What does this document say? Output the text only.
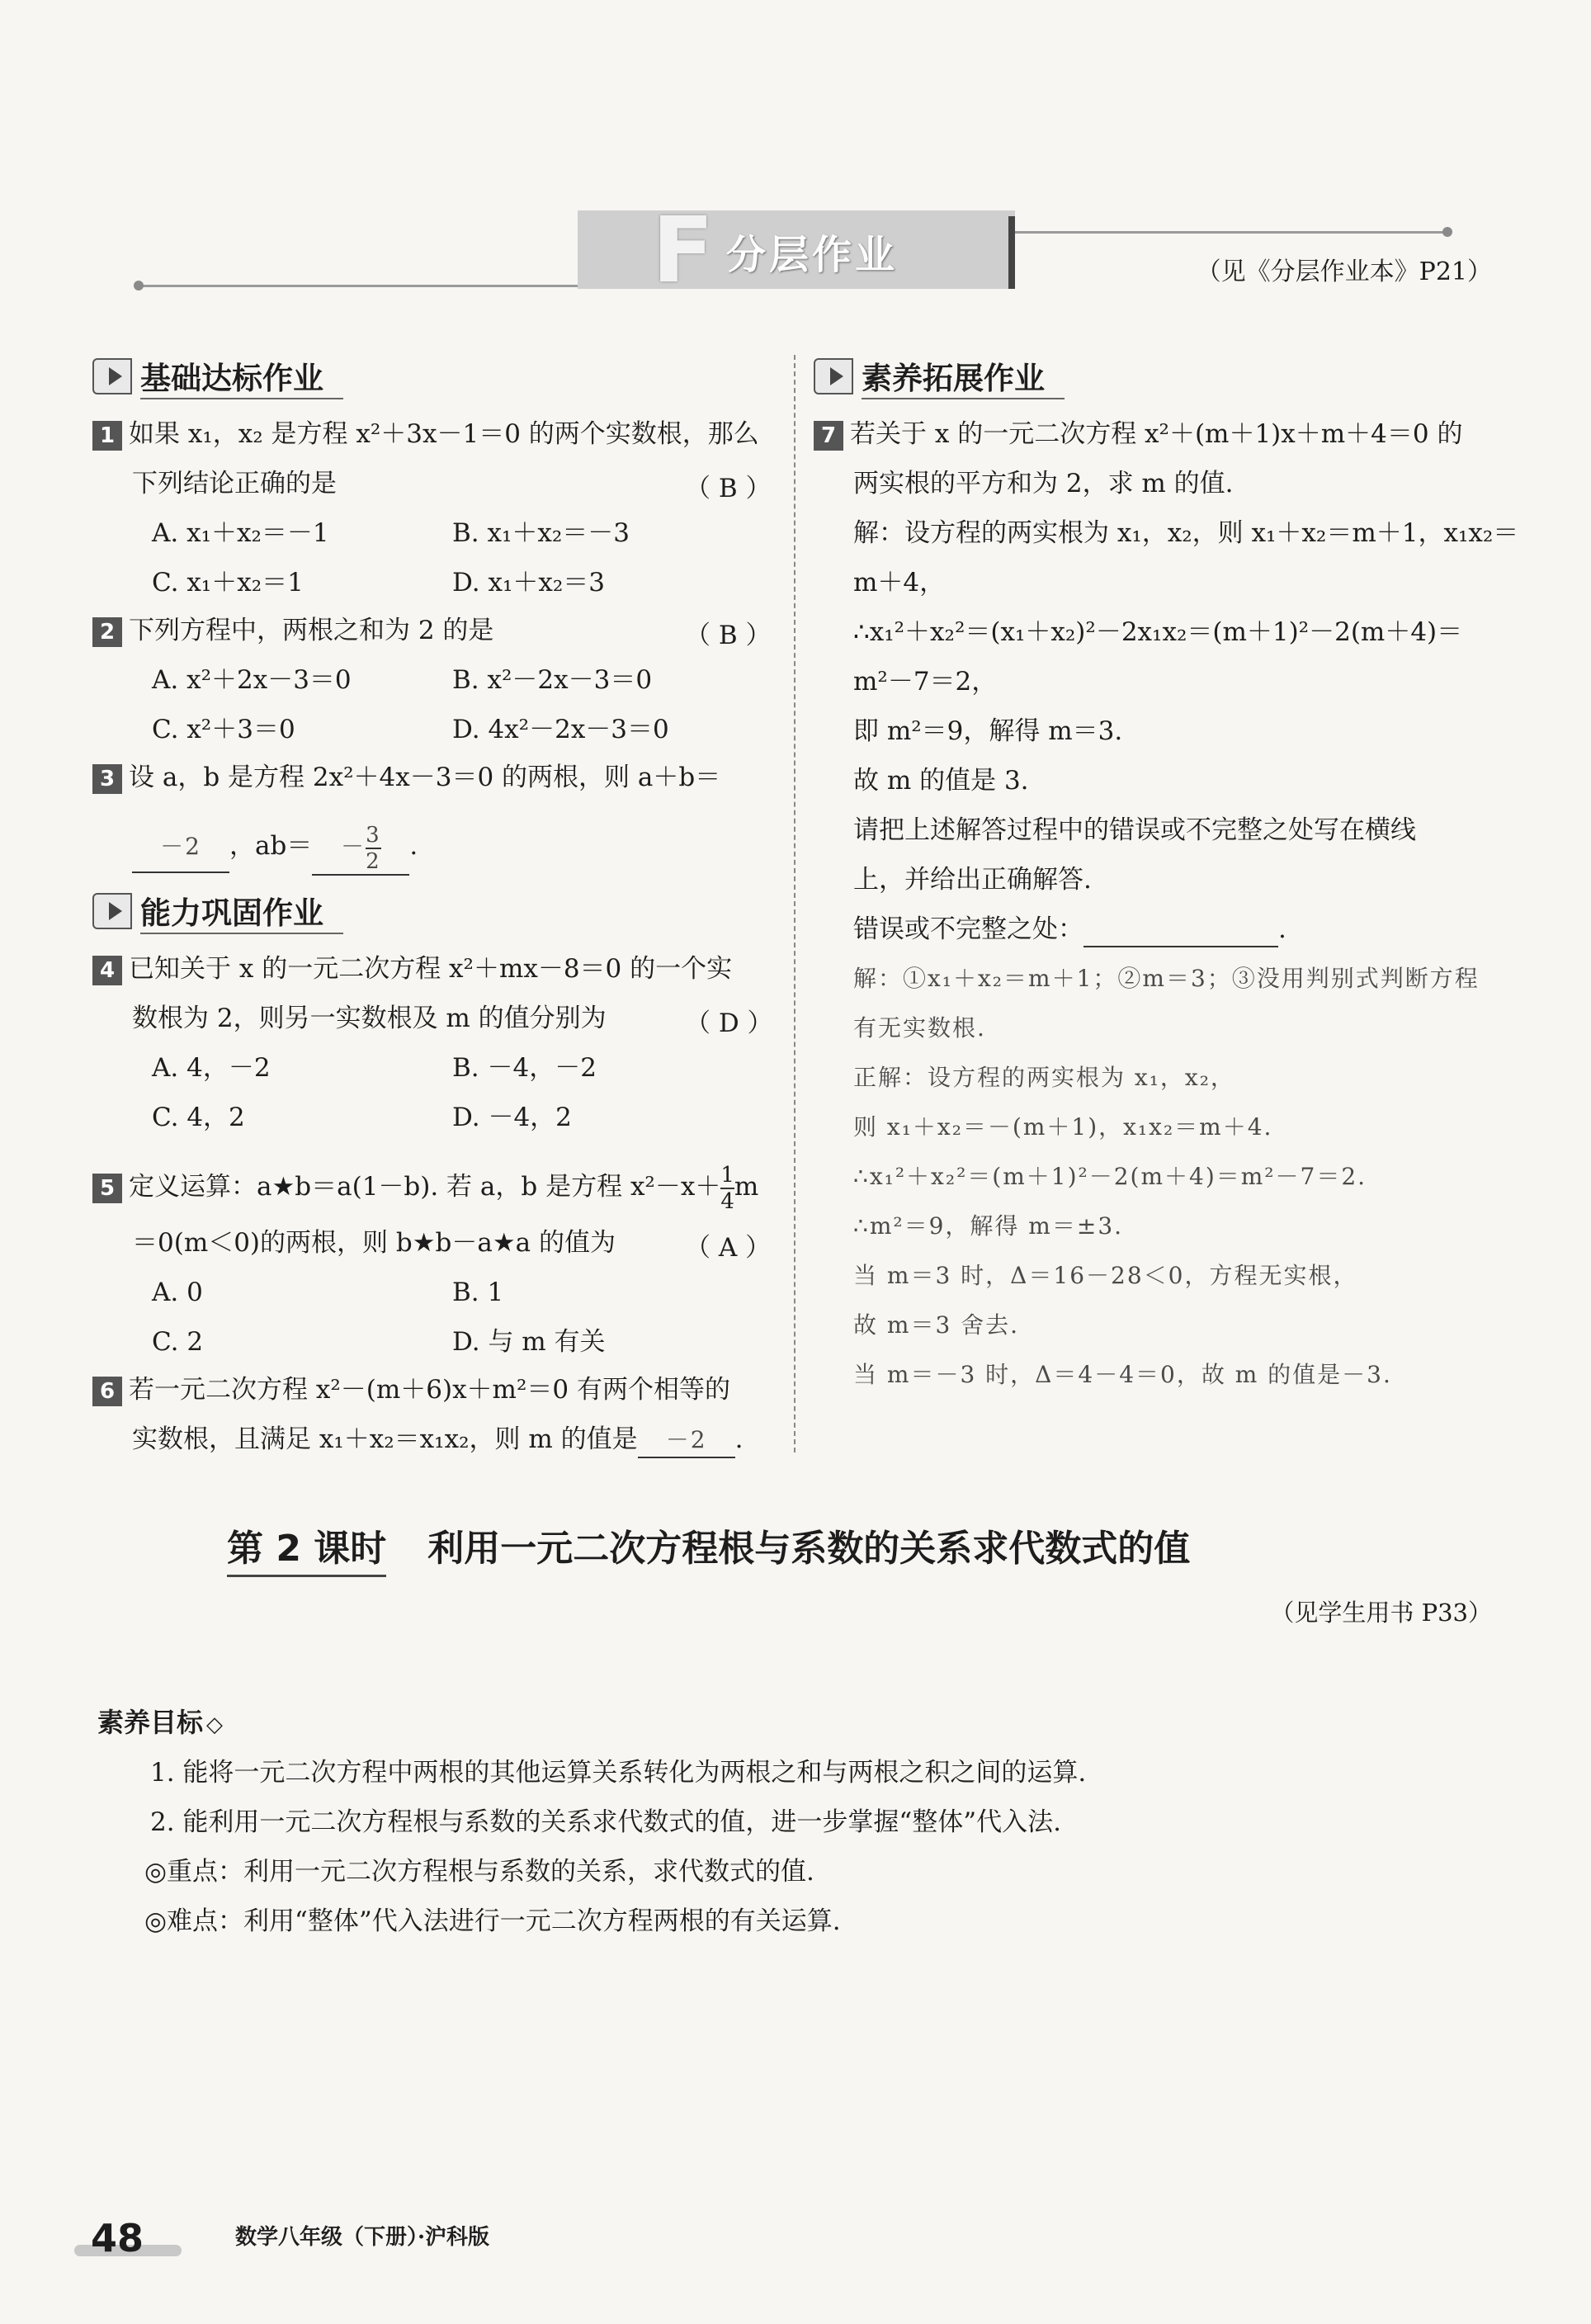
F 分层作业	（见《分层作业本》P21）
基础达标作业
1 如果 x₁，x₂ 是方程 x²＋3x－1＝0 的两个实数根，那么
下列结论正确的是	（ B ）
A. x₁＋x₂＝－1	B. x₁＋x₂＝－3
C. x₁＋x₂＝1	D. x₁＋x₂＝3
2 下列方程中，两根之和为 2 的是	（ B ）
A. x²＋2x－3＝0	B. x²－2x－3＝0
C. x²＋3＝0	D. 4x²－2x－3＝0
3 设 a，b 是方程 2x²＋4x－3＝0 的两根，则 a＋b＝
－2 ，$ab= - \frac{3}{2}$ .
能力巩固作业
4 已知关于 x 的一元二次方程 x²＋mx－8＝0 的一个实
数根为 2，则另一实数根及 m 的值分别为	（ D ）
A. 4，－2	B. －4，－2
C. 4，2	D. －4，2
5 定义运算：a★b＝a(1－b). 若 a，b 是方程 $x^2-x+ \frac{1}{4}$ m
＝0(m＜0)的两根，则 b★b－a★a 的值为	（ A ）
A. 0	B. 1
C. 2	D. 与 m 有关
6 若一元二次方程 x²－(m＋6)x＋m²＝0 有两个相等的
实数根，且满足 x₁＋x₂＝x₁x₂，则 m 的值是 －2 .
素养拓展作业
7 若关于 x 的一元二次方程 x²＋(m＋1)x＋m＋4＝0 的
两实根的平方和为 2，求 m 的值.
解：设方程的两实根为 x₁，x₂，则 x₁＋x₂＝m＋1，x₁x₂＝
m＋4，
∴x₁²＋x₂²＝(x₁＋x₂)²－2x₁x₂＝(m＋1)²－2(m＋4)＝
m²－7＝2，
即 m²＝9，解得 m＝3.
故 m 的值是 3.
请把上述解答过程中的错误或不完整之处写在横线
上，并给出正确解答.
错误或不完整之处：	.
解：①x₁＋x₂＝m＋1；②m＝3；③没用判别式判断方程
有无实数根.
正解：设方程的两实根为 x₁，x₂，
则 x₁＋x₂＝－(m＋1)，x₁x₂＝m＋4.
∴x₁²＋x₂²＝(m＋1)²－2(m＋4)＝m²－7＝2.
∴m²＝9，解得 m＝±3.
当 m＝3 时，Δ＝16－28＜0，方程无实根，
故 m＝3 舍去.
当 m＝－3 时，Δ＝4－4＝0，故 m 的值是－3.
第 2 课时 利用一元二次方程根与系数的关系求代数式的值
（见学生用书 P33）
素养目标 ◇
1. 能将一元二次方程中两根的其他运算关系转化为两根之和与两根之积之间的运算.
2. 能利用一元二次方程根与系数的关系求代数式的值，进一步掌握“整体”代入法.
◎重点：利用一元二次方程根与系数的关系，求代数式的值.
◎难点：利用“整体”代入法进行一元二次方程两根的有关运算.
48	数学八年级（下册）·沪科版
